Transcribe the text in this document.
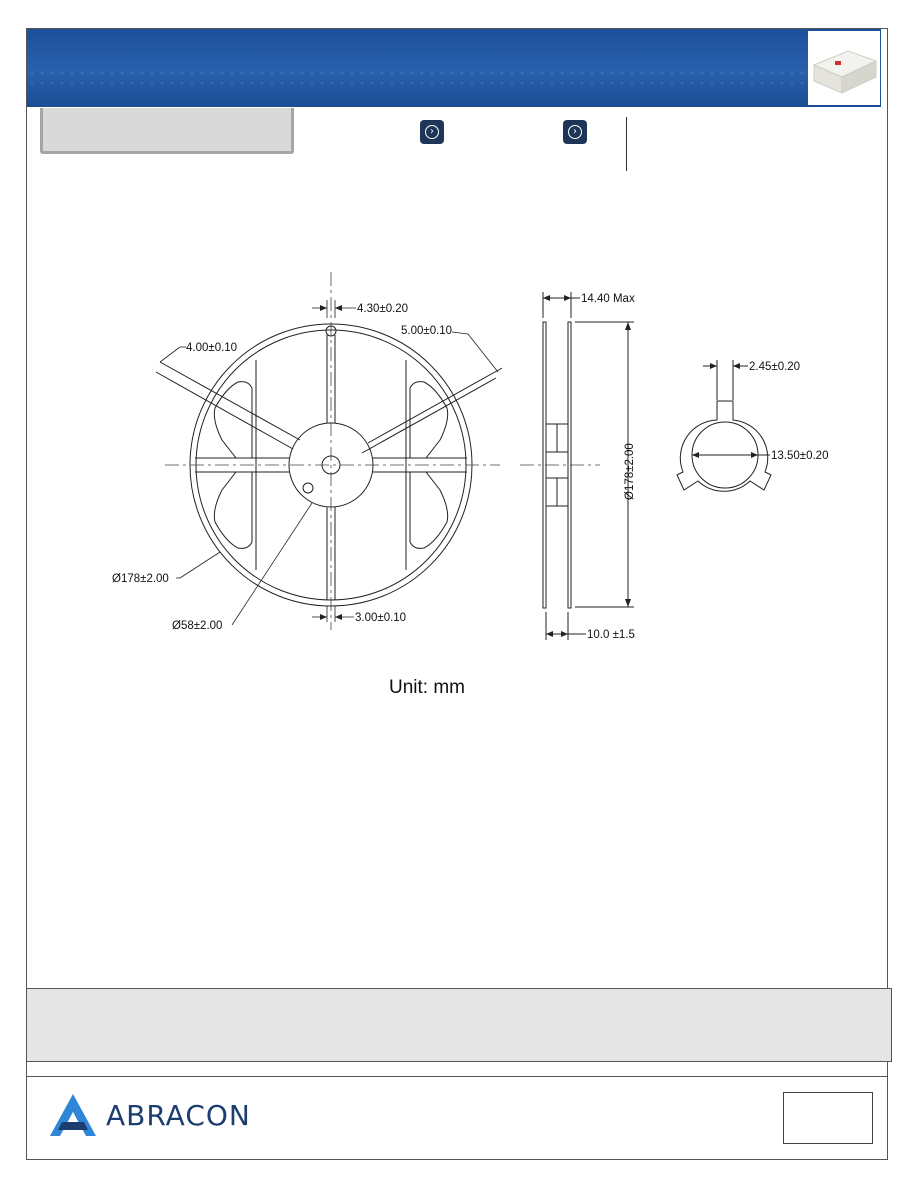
›	›
4.30±0.20
4.00±0.10
5.00±0.10
Ø178±2.00
Ø58±2.00
3.00±0.10
14.40 Max
Ø178±2.00
10.0 ±1.5
2.45±0.20
13.50±0.20
Unit: mm
ABRACON
